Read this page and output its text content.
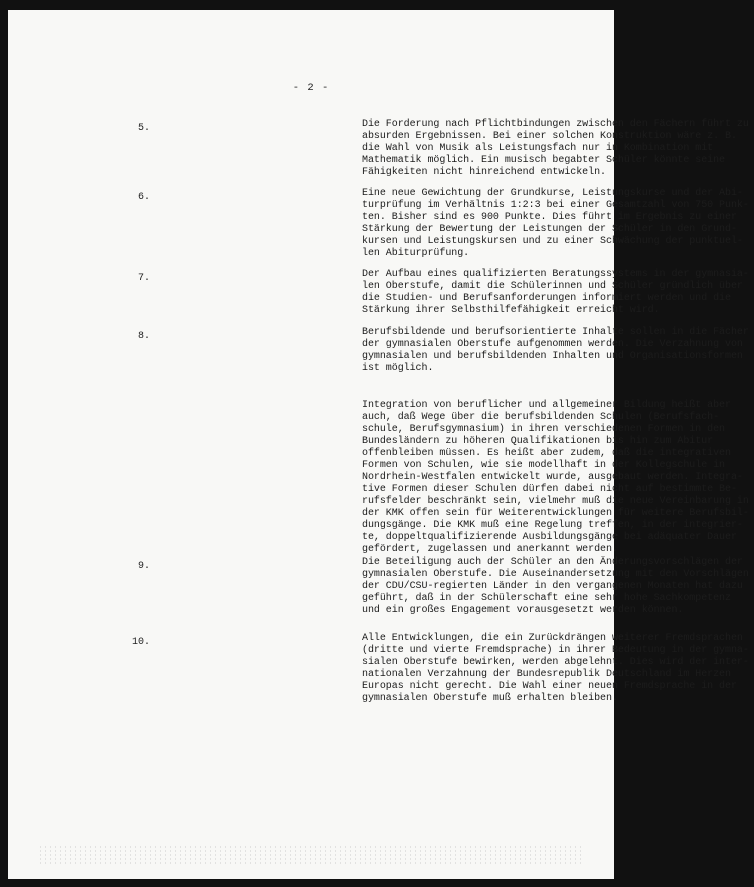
- 2 -
5.	Die Forderung nach Pflichtbindungen zwischen den Fächern führt zu
absurden Ergebnissen. Bei einer solchen Konstruktion wäre z. B.
die Wahl von Musik als Leistungsfach nur in Kombination mit
Mathematik möglich. Ein musisch begabter Schüler könnte seine
Fähigkeiten nicht hinreichend entwickeln.
6.	Eine neue Gewichtung der Grundkurse, Leistungskurse und der Abi-
turprüfung im Verhältnis 1:2:3 bei einer Gesamtzahl von 750 Punk-
ten. Bisher sind es 900 Punkte. Dies führt im Ergebnis zu einer
Stärkung der Bewertung der Leistungen der Schüler in den Grund-
kursen und Leistungskursen und zu einer Schwächung der punktuel-
len Abiturprüfung.
7.	Der Aufbau eines qualifizierten Beratungssystems in der gymnasia-
len Oberstufe, damit die Schülerinnen und Schüler gründlich über
die Studien- und Berufsanforderungen informiert werden und die
Stärkung ihrer Selbsthilfefähigkeit erreicht wird.
8.	Berufsbildende und berufsorientierte Inhalte sollen in die Fächer
der gymnasialen Oberstufe aufgenommen werden. Die Verzahnung von
gymnasialen und berufsbildenden Inhalten und Organisationsformen
ist möglich.
Integration von beruflicher und allgemeiner Bildung heißt aber
auch, daß Wege über die berufsbildenden Schulen (Berufsfach-
schule, Berufsgymnasium) in ihren verschiedenen Formen in den
Bundesländern zu höheren Qualifikationen bis hin zum Abitur
offenbleiben müssen. Es heißt aber zudem, daß die integrativen
Formen von Schulen, wie sie modellhaft in der Kollegschule in
Nordrhein-Westfalen entwickelt wurde, ausgebaut werden. Integra-
tive Formen dieser Schulen dürfen dabei nicht auf bestimmte Be-
rufsfelder beschränkt sein, vielmehr muß die neue Vereinbarung in
der KMK offen sein für Weiterentwicklungen für weitere Berufsbil-
dungsgänge. Die KMK muß eine Regelung treffen, in der integrier-
te, doppeltqualifizierende Ausbildungsgänge bei adäquater Dauer
gefördert, zugelassen und anerkannt werden.
9.	Die Beteiligung auch der Schüler an den Änderungsvorschlägen der
gymnasialen Oberstufe. Die Auseinandersetzung mit den Vorschlägen
der CDU/CSU-regierten Länder in den vergangenen Monaten hat dazu
geführt, daß in der Schülerschaft eine sehr hohe Sachkompetenz
und ein großes Engagement vorausgesetzt werden können.
10.	Alle Entwicklungen, die ein Zurückdrängen weiterer Fremdsprachen
(dritte und vierte Fremdsprache) in ihrer Bedeutung in der gymna-
sialen Oberstufe bewirken, werden abgelehnt. Dies wird der inter-
nationalen Verzahnung der Bundesrepublik Deutschland im Herzen
Europas nicht gerecht. Die Wahl einer neuen Fremdsprache in der
gymnasialen Oberstufe muß erhalten bleiben.
